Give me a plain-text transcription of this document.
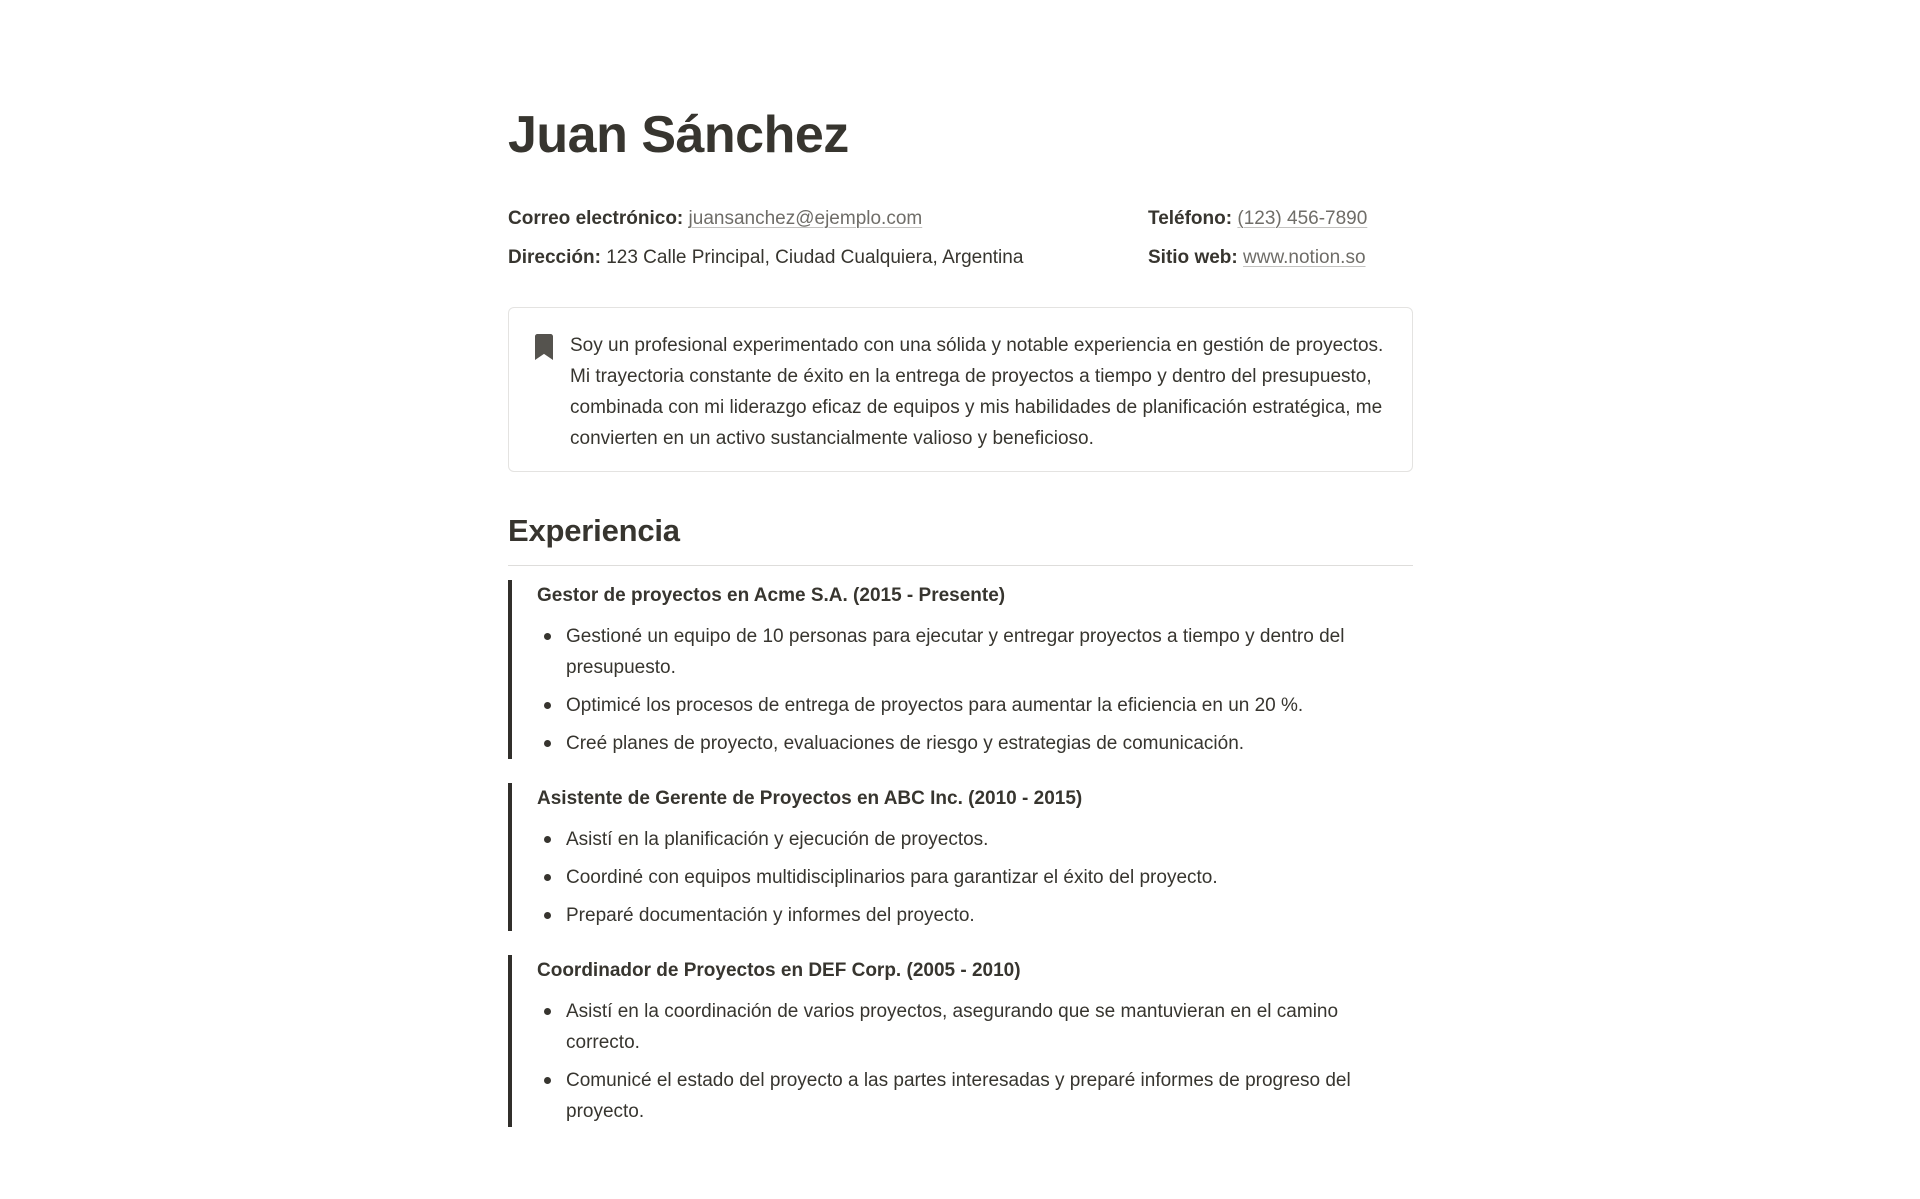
Juan Sánchez

Correo electrónico: juansanchez@ejemplo.com

Dirección: 123 Calle Principal, Ciudad Cualquiera, Argentina

Teléfono: (123) 456-7890

Sitio web: www.notion.so

Soy un profesional experimentado con una sólida y notable experiencia en gestión de proyectos. Mi trayectoria constante de éxito en la entrega de proyectos a tiempo y dentro del presupuesto, combinada con mi liderazgo eficaz de equipos y mis habilidades de planificación estratégica, me convierten en un activo sustancialmente valioso y beneficioso.

Experiencia
Gestor de proyectos en Acme S.A. (2015 - Presente)
Gestioné un equipo de 10 personas para ejecutar y entregar proyectos a tiempo y dentro del presupuesto.
Optimicé los procesos de entrega de proyectos para aumentar la eficiencia en un 20 %.
Creé planes de proyecto, evaluaciones de riesgo y estrategias de comunicación.
Asistente de Gerente de Proyectos en ABC Inc. (2010 - 2015)
Asistí en la planificación y ejecución de proyectos.
Coordiné con equipos multidisciplinarios para garantizar el éxito del proyecto.
Preparé documentación y informes del proyecto.
Coordinador de Proyectos en DEF Corp. (2005 - 2010)
Asistí en la coordinación de varios proyectos, asegurando que se mantuvieran en el camino correcto.
Comunicé el estado del proyecto a las partes interesadas y preparé informes de progreso del proyecto.
